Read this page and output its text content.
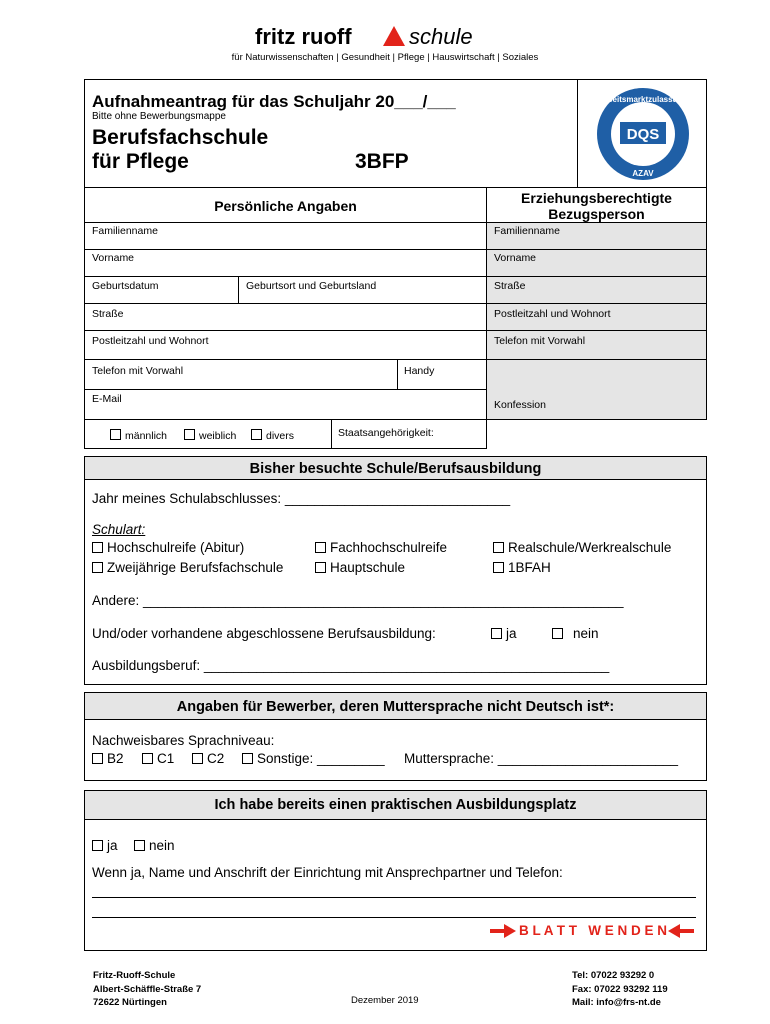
fritz ruoff	schule
für Naturwissenschaften | Gesundheit | Pflege | Hauswirtschaft | Soziales
Aufnahmeantrag für das Schuljahr 20___/___
Bitte ohne Bewerbungsmappe
Berufsfachschule
für Pflege	3BFP
DQS
Arbeitsmarktzulassung
AZAV
Persönliche Angaben	Erziehungsberechtigte Bezugsperson
Familienname	Familienname
Vorname	Vorname
Geburtsdatum	Geburtsort und Geburtsland	Straße
Straße	Postleitzahl und Wohnort
Postleitzahl und Wohnort	Telefon mit Vorwahl
Telefon mit Vorwahl	Handy
E-Mail	Konfession
männlich	weiblich	divers	Staatsangehörigkeit:
Bisher besuchte Schule/Berufsausbildung
Jahr meines Schulabschlusses: ______________________________
Schulart:
Hochschulreife (Abitur)	Fachhochschulreife	Realschule/Werkrealschule
Zweijährige Berufsfachschule	Hauptschule	1BFAH
Andere: ________________________________________________________________
Und/oder vorhandene abgeschlossene Berufsausbildung:	ja	nein
Ausbildungsberuf: ______________________________________________________
Angaben für Bewerber, deren Muttersprache nicht Deutsch ist*:
Nachweisbares Sprachniveau:
B2	C1	C2	Sonstige: _________ Muttersprache: ________________________
Ich habe bereits einen praktischen Ausbildungsplatz
ja	nein
Wenn ja, Name und Anschrift der Einrichtung mit Ansprechpartner und Telefon:
B L A T T   W E N D E N
Fritz-Ruoff-Schule
Albert-Schäffle-Straße 7
72622 Nürtingen	Dezember 2019
Tel: 07022 93292 0
Fax: 07022 93292 119
Mail: info@frs-nt.de
